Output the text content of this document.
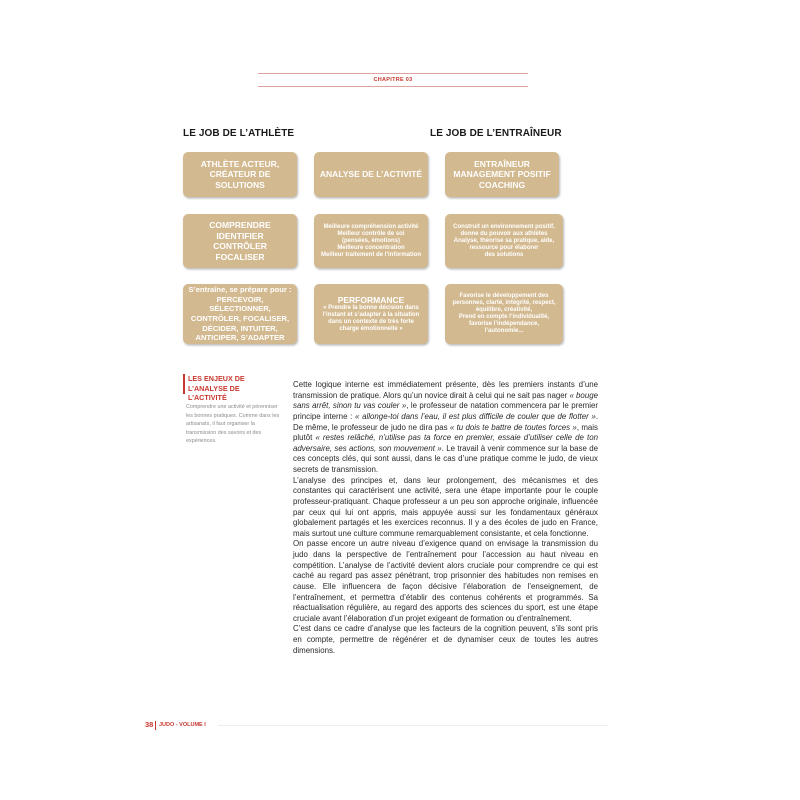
CHAPITRE 03
LE JOB DE L’ATHLÈTE	LE JOB DE L’ENTRAÎNEUR
ATHLÈTE ACTEUR,
CRÉATEUR DE SOLUTIONS
ANALYSE DE L’ACTIVITÉ
ENTRAÎNEUR
MANAGEMENT POSITIF
COACHING
COMPRENDRE
IDENTIFIER
CONTRÔLER
FOCALISER
Meilleure compréhension activité
Meilleur contrôle de soi
(pensées, émotions)
Meilleure concentration
Meilleur traitement de l’information
Construit un environnement positif,
donne du pouvoir aux athlètes
Analyse, théorise sa pratique, aide,
ressource pour élaborer
des solutions
S’entraîne, se prépare pour :
PERCEVOIR, SÉLECTIONNER,
CONTRÔLER, FOCALISER,
DÉCIDER, INTUITER,
ANTICIPER, S’ADAPTER
PERFORMANCE
« Prendre la bonne décision dans
l’instant et s’adapter à la situation
dans un contexte de très forte
charge émotionnelle »
Favorise le développement des
personnes, clarté, intégrité, respect,
équilibre, créativité,
Prend en compte l’individualité,
favorise l’indépendance,
l’autonomie...
LES ENJEUX DE
L’ANALYSE DE L’ACTIVITÉ
Comprendre une activité et pérenniser les bonnes pratiques. Comme dans les artisanats, il faut organiser la transmission des savoirs et des expériences.

Cette logique interne est immédiatement présente, dès les premiers instants d’une transmission de pratique. Alors qu’un novice dirait à celui qui ne sait pas nager « bouge sans arrêt, sinon tu vas couler », le professeur de natation commencera par le premier principe interne : « allonge-toi dans l’eau, il est plus difficile de couler que de flotter ». De même, le professeur de judo ne dira pas « tu dois te battre de toutes forces », mais plutôt « restes relâché, n’utilise pas ta force en premier, essaie d’utiliser celle de ton adversaire, ses actions, son mouvement ». Le travail à venir commence sur la base de ces concepts clés, qui sont aussi, dans le cas d’une pratique comme le judo, de vieux secrets de transmission.

L’analyse des principes et, dans leur prolongement, des mécanismes et des constantes qui caractérisent une activité, sera une étape importante pour le couple professeur-pratiquant. Chaque professeur a un peu son approche originale, influencée par ceux qui lui ont appris, mais appuyée aussi sur les fondamentaux généraux globalement partagés et les exercices reconnus. Il y a des écoles de judo en France, mais surtout une culture commune remarquablement consistante, et cela fonctionne.

On passe encore un autre niveau d’exigence quand on envisage la transmission du judo dans la perspective de l’entraînement pour l’accession au haut niveau en compétition. L’analyse de l’activité devient alors cruciale pour comprendre ce qui est caché au regard pas assez pénétrant, trop prisonnier des habitudes non remises en cause. Elle influencera de façon décisive l’élaboration de l’enseignement, de l’entraînement, et permettra d’établir des contenus cohérents et programmés. Sa réactualisation régulière, au regard des apports des sciences du sport, est une étape cruciale avant l’élaboration d’un projet exigeant de formation ou d’entraînement.

C’est dans ce cadre d’analyse que les facteurs de la cognition peuvent, s’ils sont pris en compte, permettre de régénérer et de dynamiser ceux de toutes les autres dimensions.

38 JUDO - VOLUME I
